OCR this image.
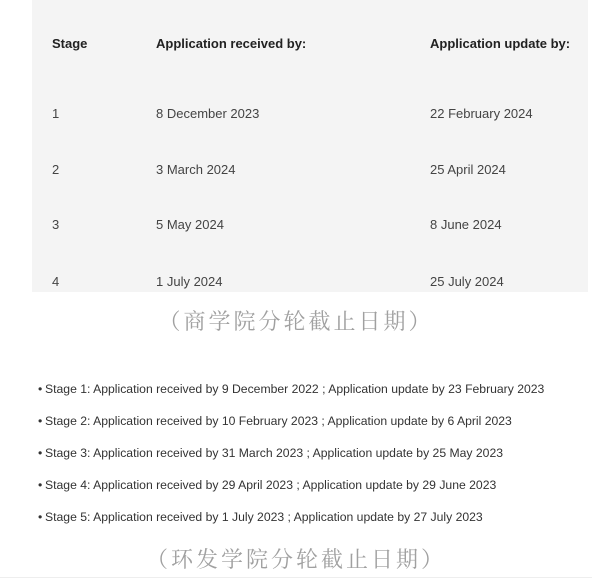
Stage	Application received by:	Application update by:
1	8 December 2023	22 February 2024
2	3 March 2024	25 April 2024
3	5 May 2024	8 June 2024
4	1 July 2024	25 July 2024
（商学院分轮截止日期）
• Stage 1: Application received by 9 December 2022 ; Application update by 23 February 2023
• Stage 2: Application received by 10 February 2023 ; Application update by 6 April 2023
• Stage 3: Application received by 31 March 2023 ; Application update by 25 May 2023
• Stage 4: Application received by 29 April 2023 ; Application update by 29 June 2023
• Stage 5: Application received by 1 July 2023 ; Application update by 27 July 2023
（环发学院分轮截止日期）
